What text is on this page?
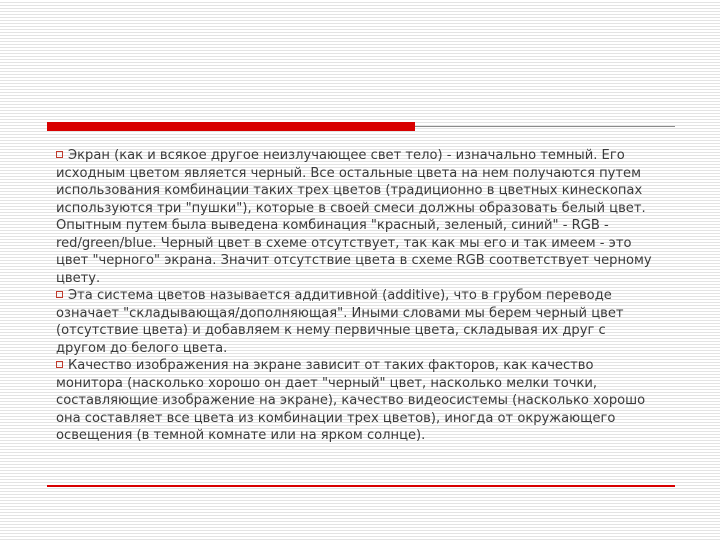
Экран (как и всякое другое неизлучающее свет тело) - изначально темный. Его исходным цветом является черный. Все остальные цвета на нем получаются путем использования комбинации таких трех цветов (традиционно в цветных кинескопах используются три "пушки"), которые в своей смеси должны образовать белый цвет. Опытным путем была выведена комбинация "красный, зеленый, синий" - RGB - red/green/blue. Черный цвет в схеме отсутствует, так как мы его и так имеем - это цвет "черного" экрана. Значит отсутствие цвета в схеме RGB соответствует черному цвету.

Эта система цветов называется аддитивной (additive), что в грубом переводе означает "складывающая/дополняющая". Иными словами мы берем черный цвет (отсутствие цвета) и добавляем к нему первичные цвета, складывая их друг с другом до белого цвета.

Качество изображения на экране зависит от таких факторов, как качество монитора (насколько хорошо он дает "черный" цвет, насколько мелки точки, составляющие изображение на экране), качество видеосистемы (насколько хорошо она составляет все цвета из комбинации трех цветов), иногда от окружающего освещения (в темной комнате или на ярком солнце).
